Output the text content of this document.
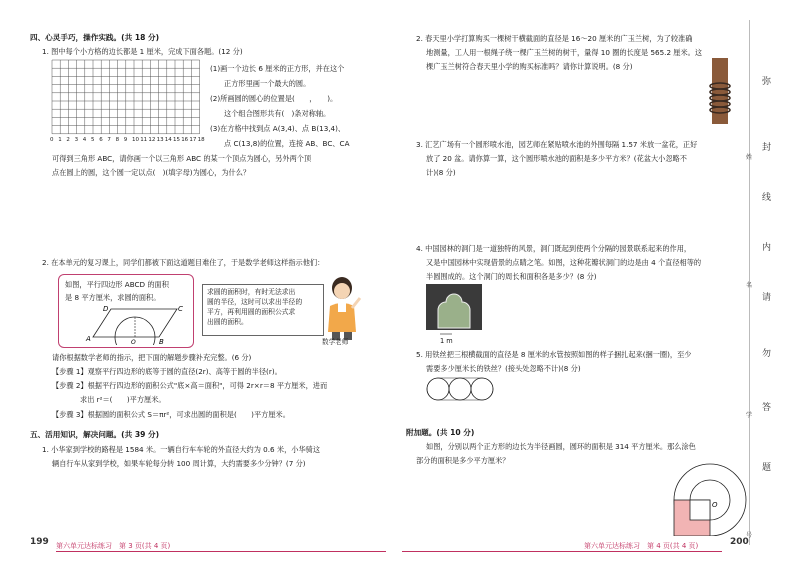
四、心灵手巧，操作实践。(共 18 分)
1. 图中每个小方格的边长都是 1 厘米，完成下面各题。(12 分)
0 1 2 3 4 5 6 7 8 9 10 11 12 13 14 15 16 17 18
(1)画一个边长 6 厘米的正方形，并在这个
正方形里画一个最大的圆。
(2)所画圆的圆心的位置是(　　，　　)。
这个组合图形共有(　)条对称轴。
(3)在方格中找到点 A(3,4)、点 B(13,4)、
点 C(13,8)的位置，连接 AB、BC、CA
可得到三角形 ABC，请你画一个以三角形 ABC 的某一个顶点为圆心，另外两个顶
点在圆上的圆，这个圆一定以点(　)(填字母)为圆心，为什么？
2. 在本单元的复习课上，同学们都被下面这道题目难住了，于是数学老师这样指示他们：
如图，平行四边形 ABCD 的面积
是 8 平方厘米，求圆的面积。
A
D
O	B
C
求圆的面积时，有时无法求出
圆的半径，这时可以求出半径的
平方，再利用圆的面积公式求
出圆的面积。
数学老师
请你根据数学老师的指示，把下面的解题步骤补充完整。(6 分)
【步骤 1】观察平行四边形的底等于圆的直径(2r)、高等于圆的半径(r)。
【步骤 2】根据平行四边形的面积公式"底×高＝面积"，可得 2r×r＝8 平方厘米，进而
求出 r²＝(　　)平方厘米。
【步骤 3】根据圆的面积公式 S＝πr²，可求出圆的面积是(　　)平方厘米。
五、活用知识，解决问题。(共 39 分)
1. 小华家到学校的路程是 1584 米。一辆自行车车轮的外直径大约为 0.6 米，小华骑这
辆自行车从家到学校，如果车轮每分转 100 周计算，大约需要多少分钟？(7 分)
199 第六单元达标练习　第 3 页(共 4 页)
2. 春天里小学打算购买一棵树干横截面的直径是 16～20 厘米的广玉兰树，为了较准确
地测量，工人用一根绳子绕一棵广玉兰树的树干，量得 10 圈的长度是 565.2 厘米。这
棵广玉兰树符合春天里小学的购买标准吗？请你计算说明。(8 分)
3. 汇艺广场有一个圆形喷水池，园艺师在紧贴喷水池的外围每隔 1.57 米放一盆花，正好
放了 20 盆。请你算一算，这个圆形喷水池的面积是多少平方米？(花盆大小忽略不
计)(8 分)
4. 中国园林的洞门是一道独特的风景，洞门既起到使两个分隔的园景联系起来的作用，
又是中国园林中实现借景的点睛之笔。如图，这种花瓣状洞门的边是由 4 个直径相等的
半圆围成的。这个洞门的周长和面积各是多少？(8 分)
1 m
5. 用铁丝把三根横截面的直径是 8 厘米的水管按照如图的样子捆扎起来(捆一圈)，至少
需要多少厘米长的铁丝？(接头处忽略不计)(8 分)
附加题。(共 10 分)
如图，分别以两个正方形的边长为半径画圆，圆环的面积是 314 平方厘米。那么涂色
部分的面积是多少平方厘米？
O
第六单元达标练习　第 4 页(共 4 页)	200
弥
封
线
内
请
勿
答
题
姓
名
学
号
